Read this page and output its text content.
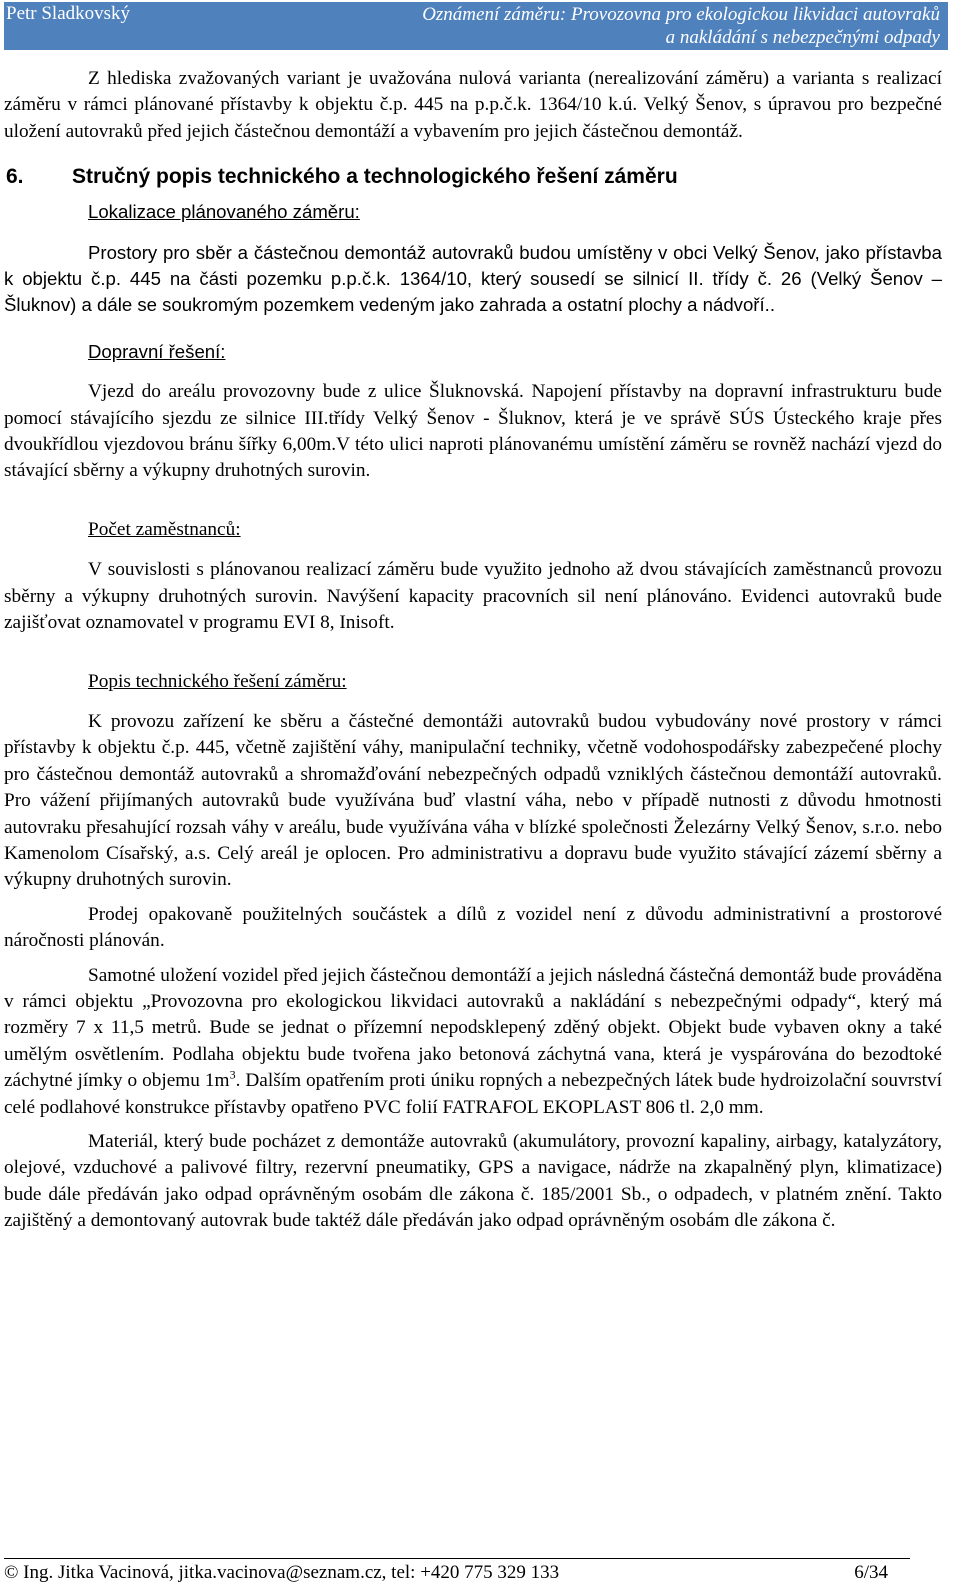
Petr Sladkovský	Oznámení záměru: Provozovna pro ekologickou likvidaci autovraků
a nakládání s nebezpečnými odpady

Z hlediska zvažovaných variant je uvažována nulová varianta (nerealizování záměru) a varianta s realizací záměru v rámci plánované přístavby k objektu č.p. 445 na p.p.č.k. 1364/10 k.ú. Velký Šenov, s úpravou pro bezpečné uložení autovraků před jejich částečnou demontáží a vybavením pro jejich částečnou demontáž.

6. Stručný popis technického a technologického řešení záměru

Lokalizace plánovaného záměru:

Prostory pro sběr a částečnou demontáž autovraků budou umístěny v obci Velký Šenov, jako přístavba k objektu č.p. 445 na části pozemku p.p.č.k. 1364/10, který sousedí se silnicí II. třídy č. 26 (Velký Šenov – Šluknov) a dále se soukromým pozemkem vedeným jako zahrada a ostatní plochy a nádvoří..

Dopravní řešení:

Vjezd do areálu provozovny bude z ulice Šluknovská. Napojení přístavby na dopravní infrastrukturu bude pomocí stávajícího sjezdu ze silnice III.třídy Velký Šenov - Šluknov, která je ve správě SÚS Ústeckého kraje přes dvoukřídlou vjezdovou bránu šířky 6,00m.V této ulici naproti plánovanému umístění záměru se rovněž nachází vjezd do stávající sběrny a výkupny druhotných surovin.

Počet zaměstnanců:

V souvislosti s plánovanou realizací záměru bude využito jednoho až dvou stávajících zaměstnanců provozu sběrny a výkupny druhotných surovin. Navýšení kapacity pracovních sil není plánováno. Evidenci autovraků bude zajišťovat oznamovatel v programu EVI 8, Inisoft.

Popis technického řešení záměru:

K provozu zařízení ke sběru a částečné demontáži autovraků budou vybudovány nové prostory v rámci přístavby k objektu č.p. 445, včetně zajištění váhy, manipulační techniky, včetně vodohospodářsky zabezpečené plochy pro částečnou demontáž autovraků a shromažďování nebezpečných odpadů vzniklých částečnou demontáží autovraků. Pro vážení přijímaných autovraků bude využívána buď vlastní váha, nebo v případě nutnosti z důvodu hmotnosti autovraku přesahující rozsah váhy v areálu, bude využívána váha v blízké společnosti Železárny Velký Šenov, s.r.o. nebo Kamenolom Císařský, a.s. Celý areál je oplocen. Pro administrativu a dopravu bude využito stávající zázemí sběrny a výkupny druhotných surovin.

Prodej opakovaně použitelných součástek a dílů z vozidel není z důvodu administrativní a prostorové náročnosti plánován.

Samotné uložení vozidel před jejich částečnou demontáží a jejich následná částečná demontáž bude prováděna v rámci objektu „Provozovna pro ekologickou likvidaci autovraků a nakládání s nebezpečnými odpady“, který má rozměry 7 x 11,5 metrů. Bude se jednat o přízemní nepodsklepený zděný objekt. Objekt bude vybaven okny a také umělým osvětlením. Podlaha objektu bude tvořena jako betonová záchytná vana, která je vyspárována do bezodtoké záchytné jímky o objemu $1m^3$. Dalším opatřením proti úniku ropných a nebezpečných látek bude hydroizolační souvrství celé podlahové konstrukce přístavby opatřeno PVC folií FATRAFOL EKOPLAST 806 tl. 2,0 mm.

Materiál, který bude pocházet z demontáže autovraků (akumulátory, provozní kapaliny, airbagy, katalyzátory, olejové, vzduchové a palivové filtry, rezervní pneumatiky, GPS a navigace, nádrže na zkapalněný plyn, klimatizace) bude dále předáván jako odpad oprávněným osobám dle zákona č. 185/2001 Sb., o odpadech, v platném znění. Takto zajištěný a demontovaný autovrak bude taktéž dále předáván jako odpad oprávněným osobám dle zákona č.

© Ing. Jitka Vacinová, jitka.vacinova@seznam.cz, tel: +420 775 329 133	6/34
